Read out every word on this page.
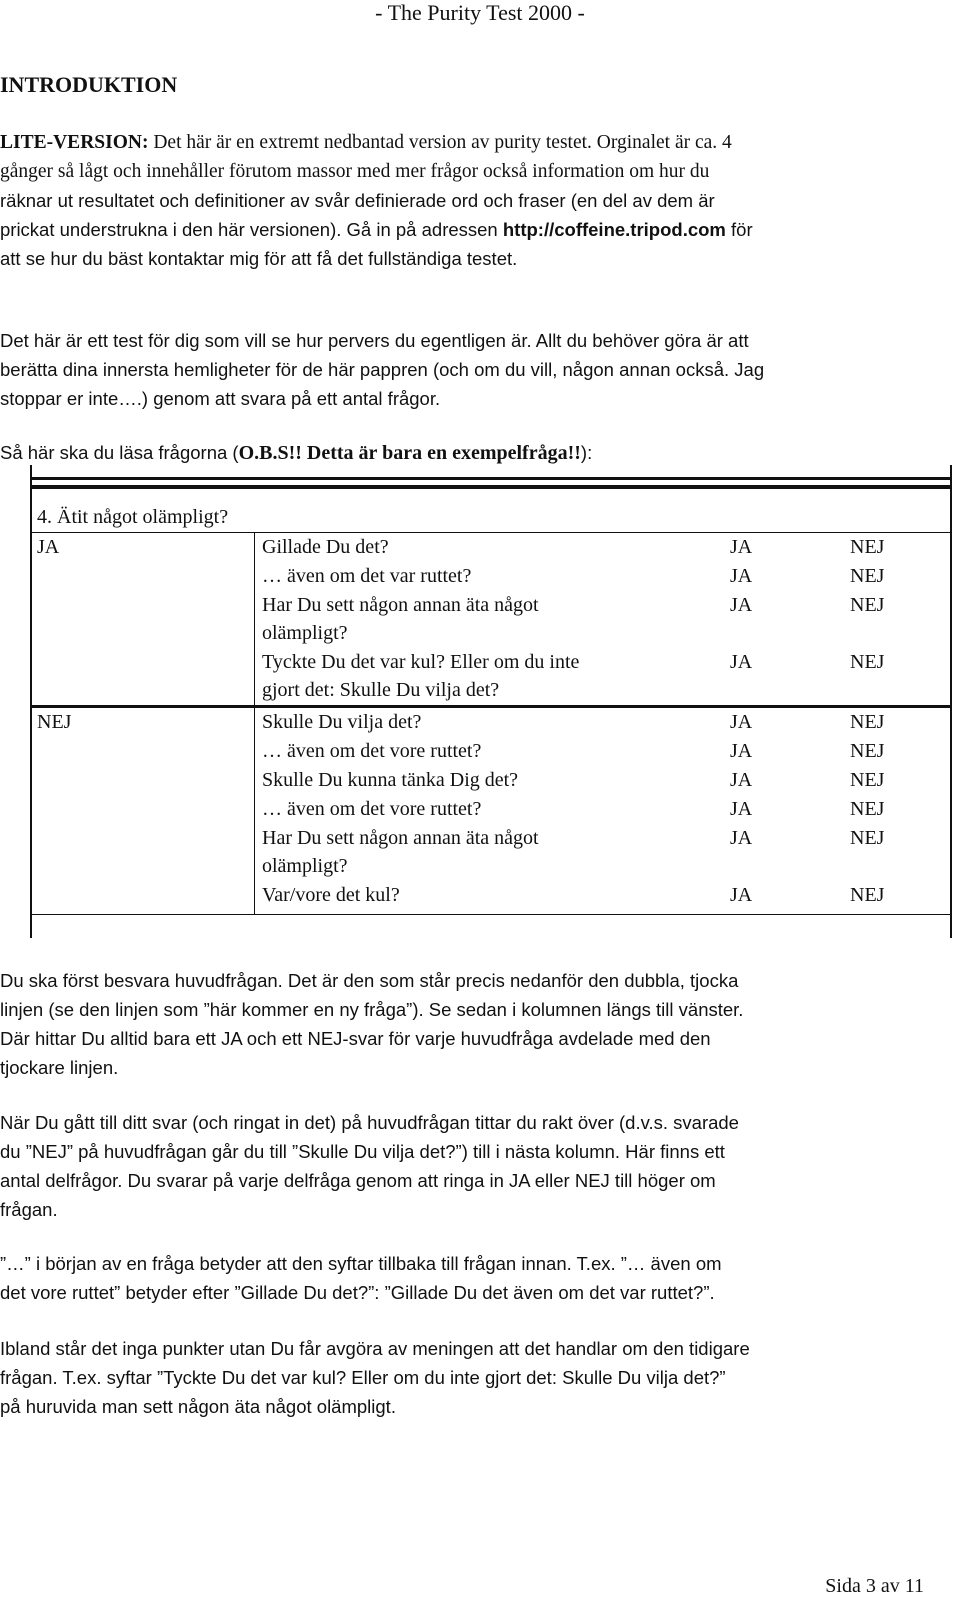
- The Purity Test 2000 -
INTRODUKTION
LITE-VERSION: Det här är en extremt nedbantad version av purity testet. Orginalet är ca. 4
gånger så lågt och innehåller förutom massor med mer frågor också information om hur du
räknar ut resultatet och definitioner av svår definierade ord och fraser (en del av dem är
prickat understrukna i den här versionen). Gå in på adressen http://coffeine.tripod.com för
att se hur du bäst kontaktar mig för att få det fullständiga testet.
Det här är ett test för dig som vill se hur pervers du egentligen är. Allt du behöver göra är att
berätta dina innersta hemligheter för de här pappren (och om du vill, någon annan också. Jag
stoppar er inte….) genom att svara på ett antal frågor.
Så här ska du läsa frågorna (O.B.S!! Detta är bara en exempelfråga!!):
4. Ätit något olämpligt?
JA	Gillade Du det?	JA	NEJ
… även om det var ruttet?	JA	NEJ
Har Du sett någon annan äta något
olämpligt?
JA	NEJ
Tyckte Du det var kul? Eller om du inte
gjort det: Skulle Du vilja det?
JA	NEJ
NEJ	Skulle Du vilja det?	JA	NEJ
… även om det vore ruttet?	JA	NEJ
Skulle Du kunna tänka Dig det?	JA	NEJ
… även om det vore ruttet?	JA	NEJ
Har Du sett någon annan äta något
olämpligt?
JA	NEJ
Var/vore det kul?	JA	NEJ
Du ska först besvara huvudfrågan. Det är den som står precis nedanför den dubbla, tjocka
linjen (se den linjen som ”här kommer en ny fråga”). Se sedan i kolumnen längs till vänster.
Där hittar Du alltid bara ett JA och ett NEJ-svar för varje huvudfråga avdelade med den
tjockare linjen.
När Du gått till ditt svar (och ringat in det) på huvudfrågan tittar du rakt över (d.v.s. svarade
du ”NEJ” på huvudfrågan går du till ”Skulle Du vilja det?”) till i nästa kolumn. Här finns ett
antal delfrågor. Du svarar på varje delfråga genom att ringa in JA eller NEJ till höger om
frågan.
”…” i början av en fråga betyder att den syftar tillbaka till frågan innan. T.ex. ”… även om
det vore ruttet” betyder efter ”Gillade Du det?”: ”Gillade Du det även om det var ruttet?”.
Ibland står det inga punkter utan Du får avgöra av meningen att det handlar om den tidigare
frågan. T.ex. syftar ”Tyckte Du det var kul? Eller om du inte gjort det: Skulle Du vilja det?”
på huruvida man sett någon äta något olämpligt.
Sida 3 av 11
